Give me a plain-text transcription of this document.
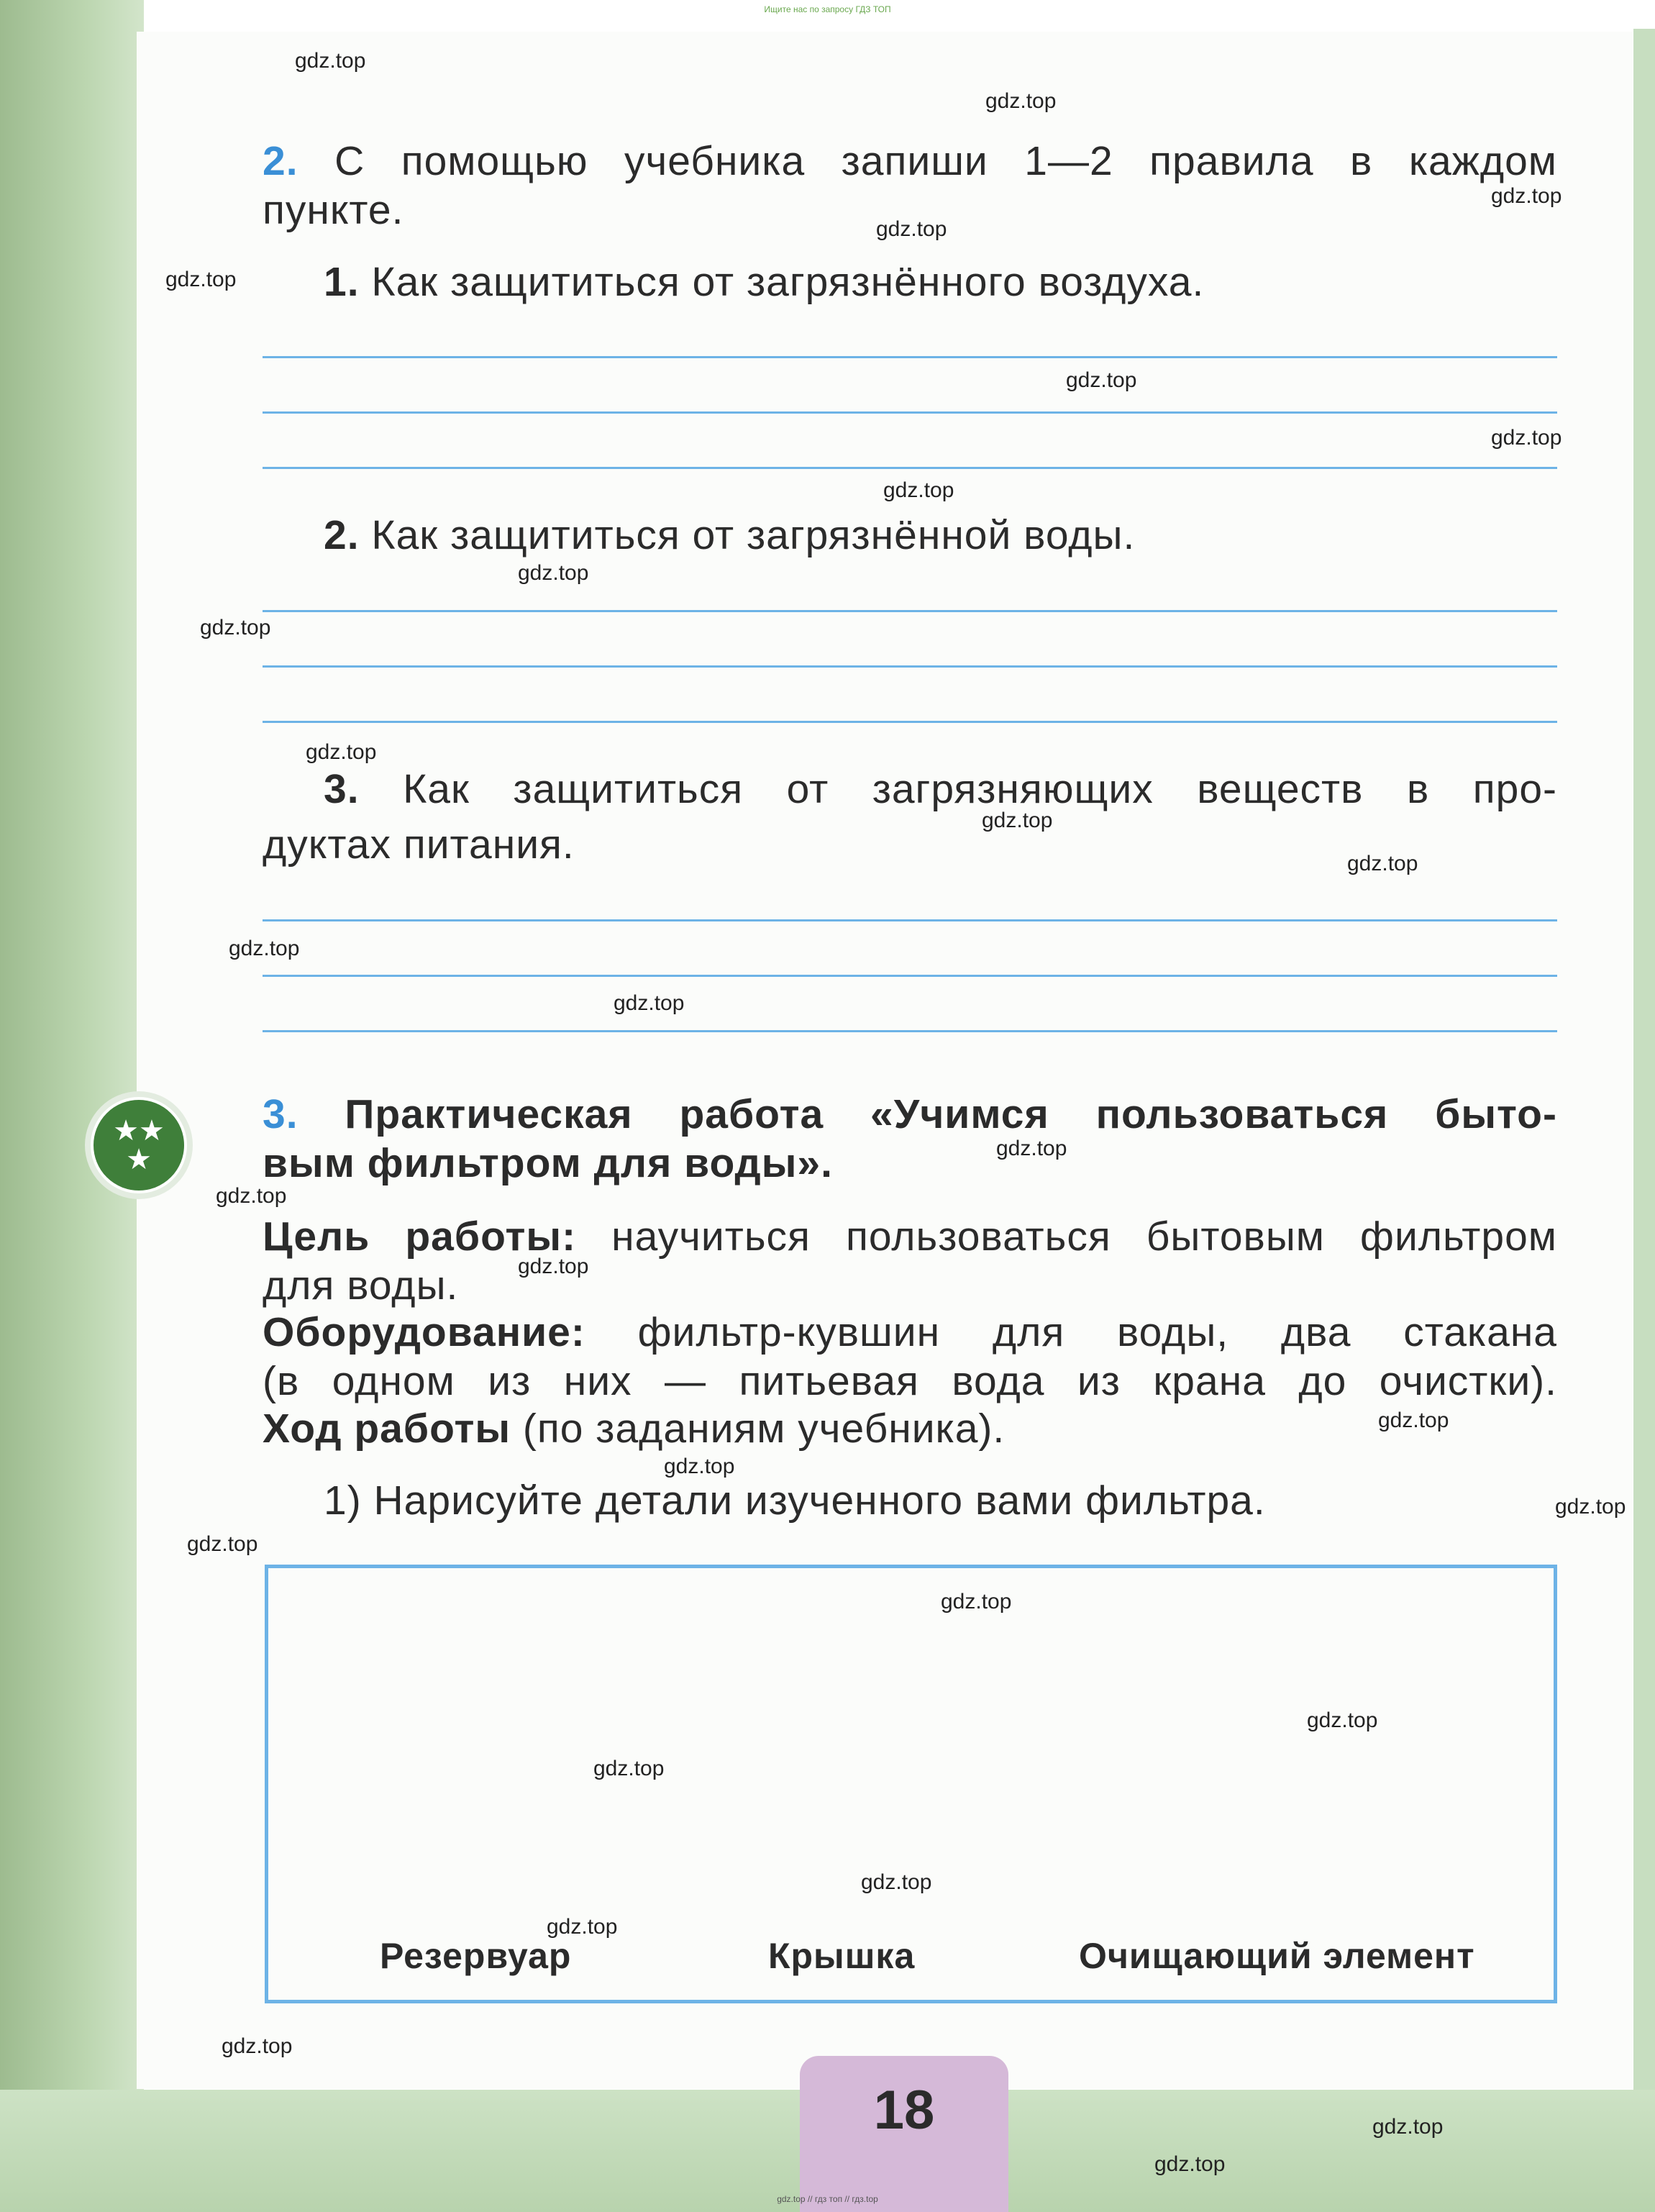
Ищите нас по запросу ГДЗ ТОП
2. С помощью учебника запиши 1—2 правила в каждом
пункте.
1. Как защититься от загрязнённого воздуха.
2. Как защититься от загрязнённой воды.
3. Как защититься от загрязняющих веществ в про-
дуктах питания.
★★
★
3. Практическая работа «Учимся пользоваться быто-
вым фильтром для воды».
Цель работы: научиться пользоваться бытовым фильтром
для воды.
Оборудование: фильтр-кувшин для воды, два стакана
(в одном из них — питьевая вода из крана до очистки).
Ход работы (по заданиям учебника).
1) Нарисуйте детали изученного вами фильтра.
Резервуар	Крышка	Очищающий элемент
18
gdz.top
gdz.top
gdz.top
gdz.top
gdz.top
gdz.top
gdz.top
gdz.top
gdz.top
gdz.top
gdz.top
gdz.top
gdz.top
gdz.top
gdz.top
gdz.top
gdz.top
gdz.top
gdz.top
gdz.top
gdz.top
gdz.top
gdz.top
gdz.top
gdz.top
gdz.top
gdz.top
gdz.top
gdz.top
gdz.top
gdz.top // гдз топ // гдз.top
